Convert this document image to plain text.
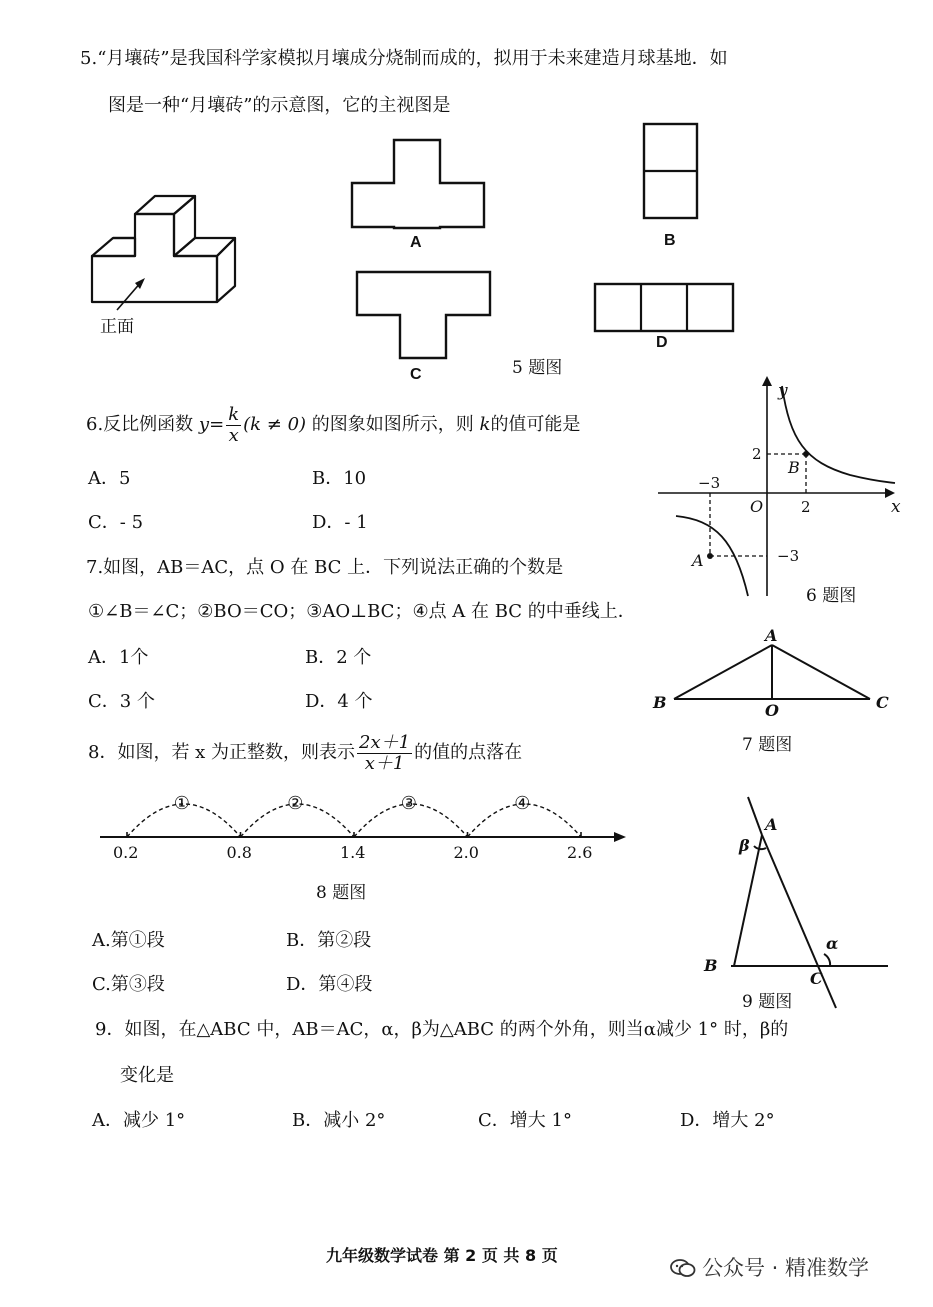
5.“月壤砖”是我国科学家模拟月壤成分烧制而成的，拟用于未来建造月球基地．如
图是一种“月壤砖”的示意图，它的主视图是
正面
A	B
C
D
5 题图
6.反比例函数 $y= \frac{k}{x} (k \ne 0)$ 的图象如图所示，则 k的值可能是
A．5	B．10
C．- 5	D．- 1
y
x
O
2
2
−3
−3
B
A
6 题图
7.如图，AB＝AC，点 O 在 BC 上．下列说法正确的个数是
①∠B＝∠C；②BO＝CO；③AO⊥BC；④点 A 在 BC 的中垂线上．
A．1个	B．2 个
C．3 个	D．4 个
A
B	C
O
7 题图
8．如图，若 x 为正整数，则表示 $\frac{2x+1}{x+1}$ 的值的点落在
0.2	0.8	1.4	2.0	2.6
①	②	③	④
8 题图
A.第①段	B．第②段
C.第③段	D．第④段
A
β
B
C
α
9 题图
9．如图，在△ABC 中，AB＝AC，α，β为△ABC 的两个外角，则当α减少 1° 时，β的
变化是
A．减少 1°	B．减小 2°	C．增大 1°	D．增大 2°
九年级数学试卷 第 2 页 共 8 页
公众号 · 精准数学
